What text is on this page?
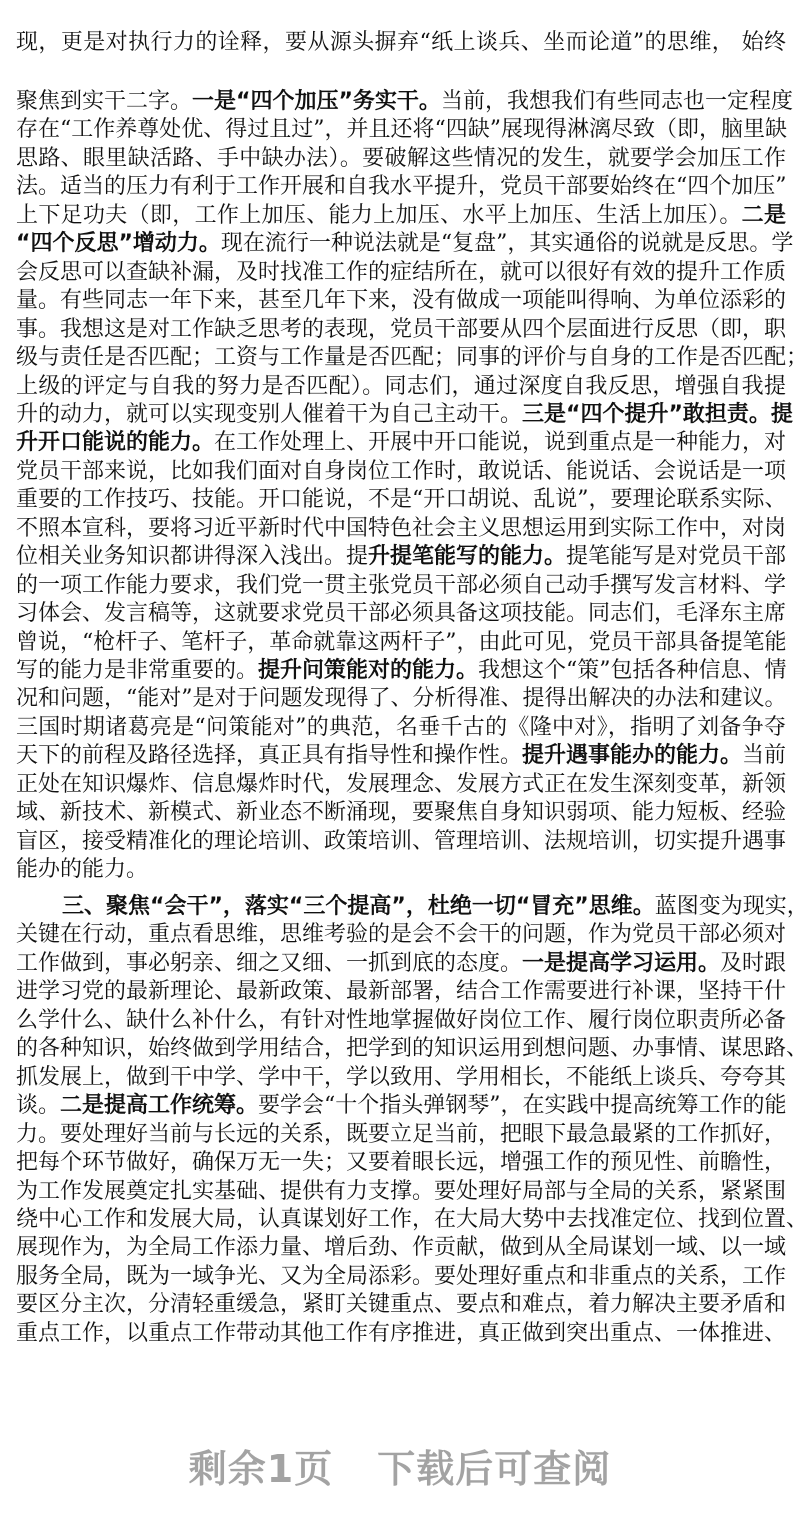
现，更是对执行力的诠释，要从源头摒弃“纸上谈兵、坐而论道”的思维， 始终
聚焦到实干二字。一是“四个加压”务实干。当前，我想我们有些同志也一定程度
存在“工作养尊处优、得过且过”，并且还将“四缺”展现得淋漓尽致（即，脑里缺
思路、眼里缺活路、手中缺办法）。要破解这些情况的发生，就要学会加压工作
法。适当的压力有利于工作开展和自我水平提升，党员干部要始终在“四个加压”
上下足功夫（即，工作上加压、能力上加压、水平上加压、生活上加压）。二是
“四个反思”增动力。现在流行一种说法就是“复盘”，其实通俗的说就是反思。学
会反思可以查缺补漏，及时找准工作的症结所在，就可以很好有效的提升工作质
量。有些同志一年下来，甚至几年下来，没有做成一项能叫得响、为单位添彩的
事。我想这是对工作缺乏思考的表现，党员干部要从四个层面进行反思（即，职
级与责任是否匹配；工资与工作量是否匹配；同事的评价与自身的工作是否匹配；
上级的评定与自我的努力是否匹配）。同志们，通过深度自我反思，增强自我提
升的动力，就可以实现变别人催着干为自己主动干。三是“四个提升”敢担责。提
升开口能说的能力。在工作处理上、开展中开口能说，说到重点是一种能力，对
党员干部来说，比如我们面对自身岗位工作时，敢说话、能说话、会说话是一项
重要的工作技巧、技能。开口能说，不是“开口胡说、乱说”，要理论联系实际、
不照本宣科，要将习近平新时代中国特色社会主义思想运用到实际工作中，对岗
位相关业务知识都讲得深入浅出。提升提笔能写的能力。提笔能写是对党员干部
的一项工作能力要求，我们党一贯主张党员干部必须自己动手撰写发言材料、学
习体会、发言稿等，这就要求党员干部必须具备这项技能。同志们，毛泽东主席
曾说，“枪杆子、笔杆子，革命就靠这两杆子”，由此可见，党员干部具备提笔能
写的能力是非常重要的。提升问策能对的能力。我想这个“策”包括各种信息、情
况和问题，“能对”是对于问题发现得了、分析得准、提得出解决的办法和建议。
三国时期诸葛亮是“问策能对”的典范，名垂千古的《隆中对》，指明了刘备争夺
天下的前程及路径选择，真正具有指导性和操作性。提升遇事能办的能力。当前
正处在知识爆炸、信息爆炸时代，发展理念、发展方式正在发生深刻变革，新领
域、新技术、新模式、新业态不断涌现，要聚焦自身知识弱项、能力短板、经验
盲区，接受精准化的理论培训、政策培训、管理培训、法规培训，切实提升遇事
能办的能力。
三、聚焦“会干”，落实“三个提高”，杜绝一切“冒充”思维。蓝图变为现实，
关键在行动，重点看思维，思维考验的是会不会干的问题，作为党员干部必须对
工作做到，事必躬亲、细之又细、一抓到底的态度。一是提高学习运用。及时跟
进学习党的最新理论、最新政策、最新部署，结合工作需要进行补课，坚持干什
么学什么、缺什么补什么，有针对性地掌握做好岗位工作、履行岗位职责所必备
的各种知识，始终做到学用结合，把学到的知识运用到想问题、办事情、谋思路、
抓发展上，做到干中学、学中干，学以致用、学用相长，不能纸上谈兵、夸夸其
谈。二是提高工作统筹。要学会“十个指头弹钢琴”，在实践中提高统筹工作的能
力。要处理好当前与长远的关系，既要立足当前，把眼下最急最紧的工作抓好，
把每个环节做好，确保万无一失；又要着眼长远，增强工作的预见性、前瞻性，
为工作发展奠定扎实基础、提供有力支撑。要处理好局部与全局的关系，紧紧围
绕中心工作和发展大局，认真谋划好工作，在大局大势中去找准定位、找到位置、
展现作为，为全局工作添力量、增后劲、作贡献，做到从全局谋划一域、以一域
服务全局，既为一域争光、又为全局添彩。要处理好重点和非重点的关系，工作
要区分主次，分清轻重缓急，紧盯关键重点、要点和难点，着力解决主要矛盾和
重点工作，以重点工作带动其他工作有序推进，真正做到突出重点、一体推进、
剩余1页 下载后可查阅
